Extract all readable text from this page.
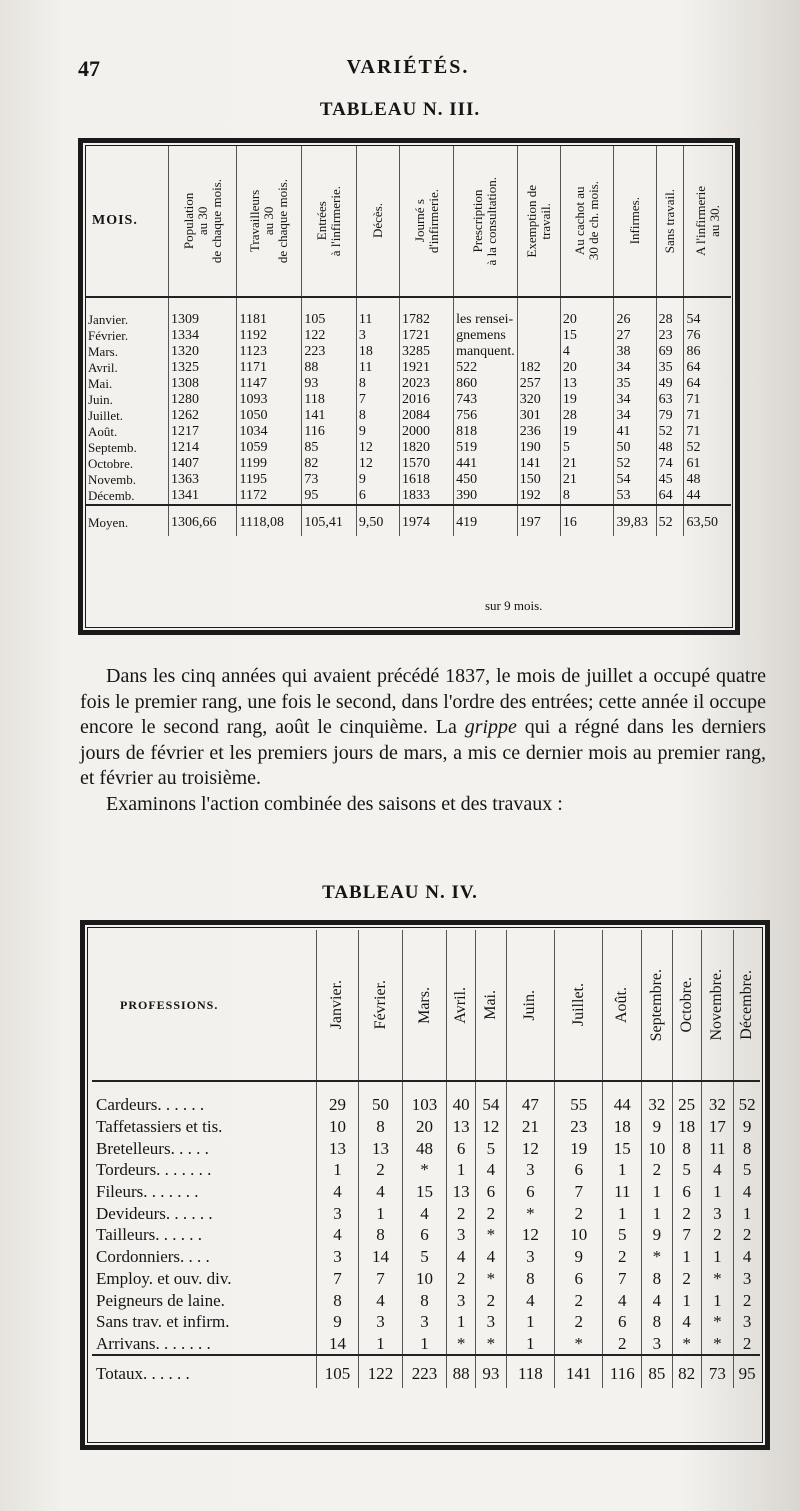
47	VARIÉTÉS.
TABLEAU N. III.
MOIS.	Population
au 30
de chaque mois.	Travailleurs
au 30
de chaque mois.	Entrées
à l'infirmerie.	Décès.	Journé s
d'infirmerie.	Prescription
à la consultation.	Exemption de
travail.	Au cachot au
30 de ch. mois.	Infirmes.	Sans travail.	A l'infirmerie
au 30.

Janvier.	1309	1181	105	11	1782	les rensei-		20	26	28	54
Février.	1334	1192	122	3	1721	gnemens		15	27	23	76
Mars.	1320	1123	223	18	3285	manquent.		4	38	69	86
Avril.	1325	1171	88	11	1921	522	182	20	34	35	64
Mai.	1308	1147	93	8	2023	860	257	13	35	49	64
Juin.	1280	1093	118	7	2016	743	320	19	34	63	71
Juillet.	1262	1050	141	8	2084	756	301	28	34	79	71
Août.	1217	1034	116	9	2000	818	236	19	41	52	71
Septemb.	1214	1059	85	12	1820	519	190	5	50	48	52
Octobre.	1407	1199	82	12	1570	441	141	21	52	74	61
Novemb.	1363	1195	73	9	1618	450	150	21	54	45	48
Décemb.	1341	1172	95	6	1833	390	192	8	53	64	44
Moyen.	1306,66	1118,08	105,41	9,50	1974	419	197	16	39,83	52	63,50
sur 9 mois.

Dans les cinq années qui avaient précédé 1837, le mois de juillet a occupé quatre fois le premier rang, une fois le second, dans l'ordre des entrées; cette année il occupe encore le second rang, août le cinquième. La grippe qui a régné dans les derniers jours de février et les premiers jours de mars, a mis ce dernier mois au premier rang, et février au troisième.

Examinons l'action combinée des saisons et des travaux :

TABLEAU N. IV.
PROFESSIONS.	Janvier.	Février.	Mars.	Avril.	Mai.	Juin.	Juillet.	Août.	Septembre.	Octobre.	Novembre.	Décembre.

Cardeurs. . . . . .	29	50	103	40	54	47	55	44	32	25	32	52
Taffetassiers et tis.	10	8	20	13	12	21	23	18	9	18	17	9
Bretelleurs. . . . .	13	13	48	6	5	12	19	15	10	8	11	8
Tordeurs. . . . . . .	1	2	*	1	4	3	6	1	2	5	4	5
Fileurs. . . . . . .	4	4	15	13	6	6	7	11	1	6	1	4
Devideurs. . . . . .	3	1	4	2	2	*	2	1	1	2	3	1
Tailleurs. . . . . .	4	8	6	3	*	12	10	5	9	7	2	2
Cordonniers. . . .	3	14	5	4	4	3	9	2	*	1	1	4
Employ. et ouv. div.	7	7	10	2	*	8	6	7	8	2	*	3
Peigneurs de laine.	8	4	8	3	2	4	2	4	4	1	1	2
Sans trav. et infirm.	9	3	3	1	3	1	2	6	8	4	*	3
Arrivans. . . . . . .	14	1	1	*	*	1	*	2	3	*	*	2
Totaux. . . . . .	105	122	223	88	93	118	141	116	85	82	73	95
